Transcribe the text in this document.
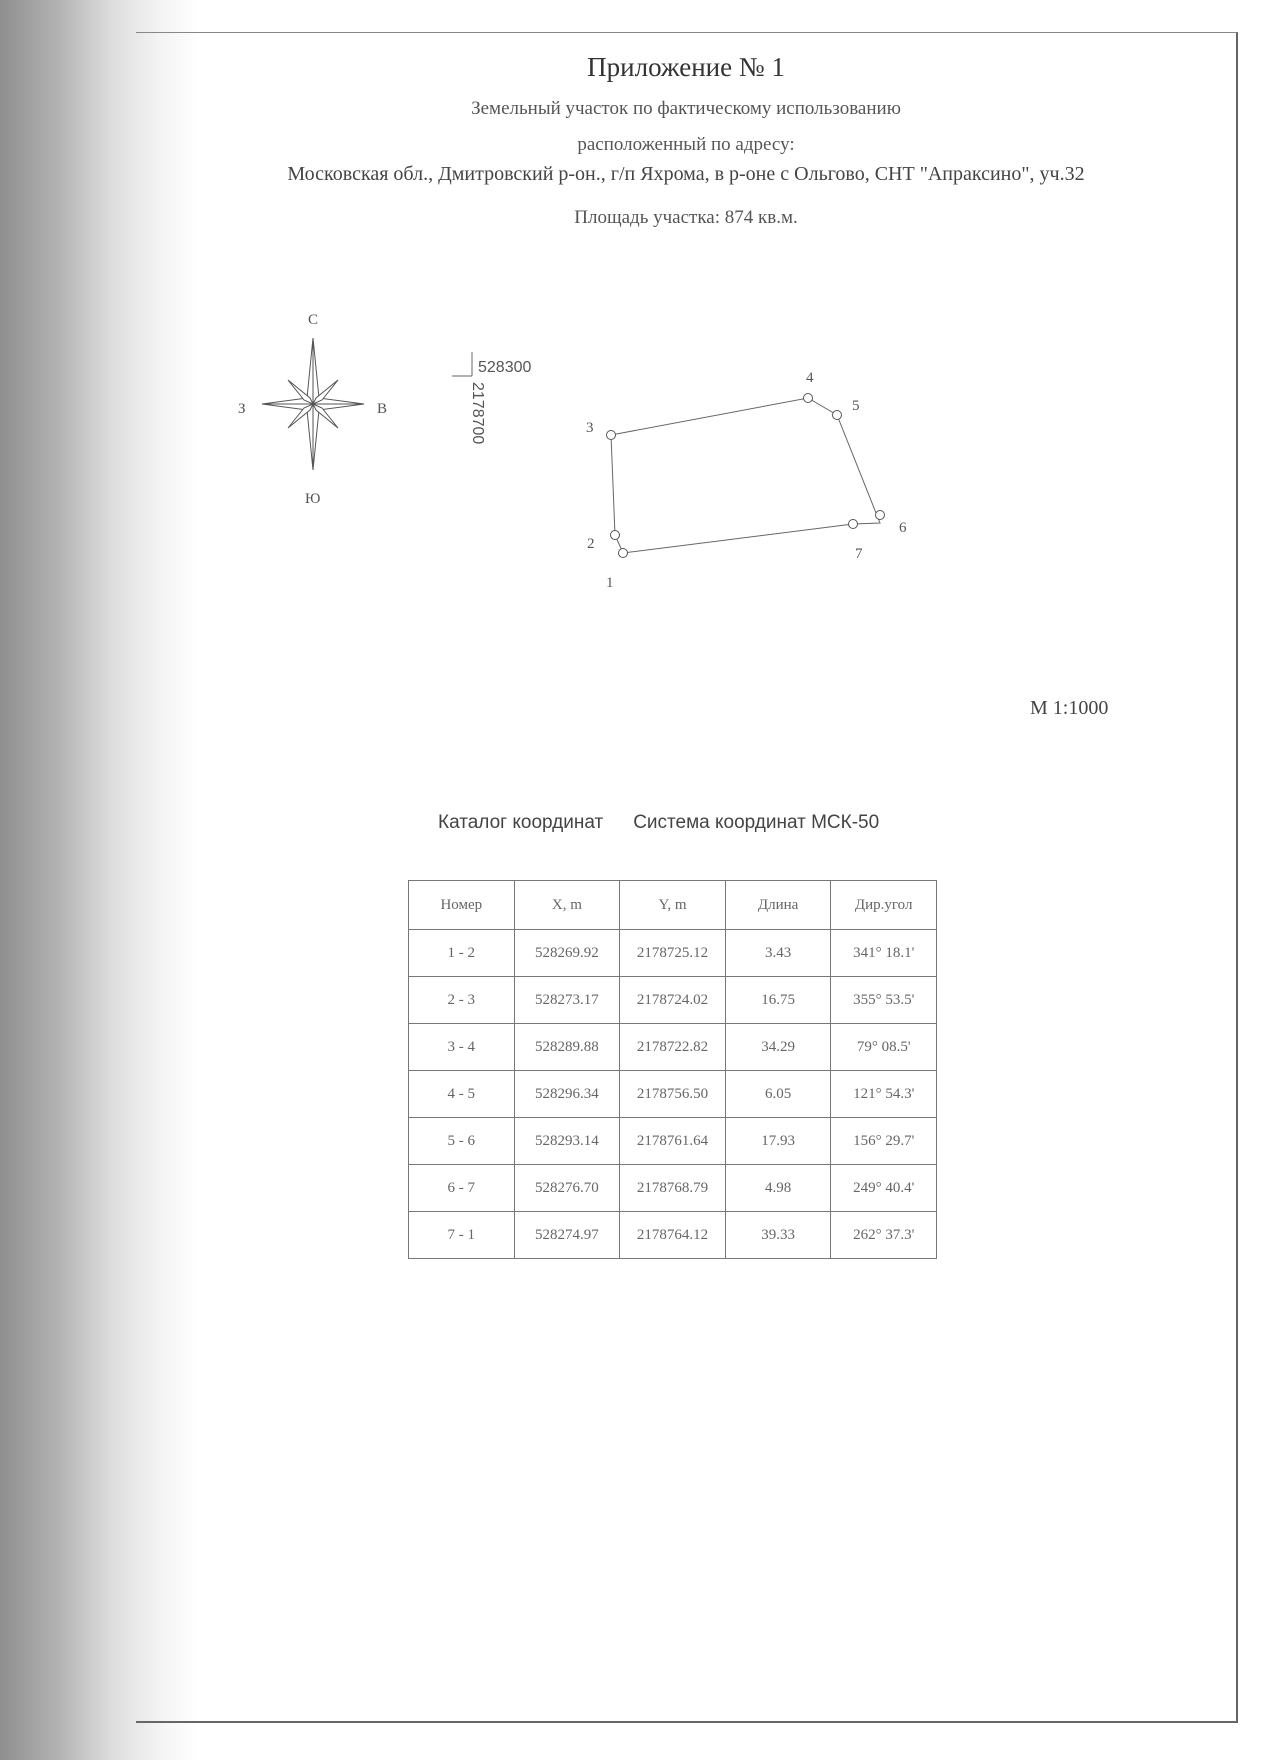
Приложение № 1
Земельный участок по фактическому использованию
расположенный по адресу:
Московская обл., Дмитровский р-он., г/п Яхрома, в р-оне с Ольгово, СНТ "Апраксино", уч.32
Площадь участка: 874 кв.м.
С
Ю
З	В
528300
2178700
1
2
3
4
5
6
7
М 1:1000
Каталог координат Система координат МСК-50
Номер	X, m	Y, m	Длина	Дир.угол
1 - 2	528269.92	2178725.12	3.43	341° 18.1'
2 - 3	528273.17	2178724.02	16.75	355° 53.5'
3 - 4	528289.88	2178722.82	34.29	79° 08.5'
4 - 5	528296.34	2178756.50	6.05	121° 54.3'
5 - 6	528293.14	2178761.64	17.93	156° 29.7'
6 - 7	528276.70	2178768.79	4.98	249° 40.4'
7 - 1	528274.97	2178764.12	39.33	262° 37.3'
